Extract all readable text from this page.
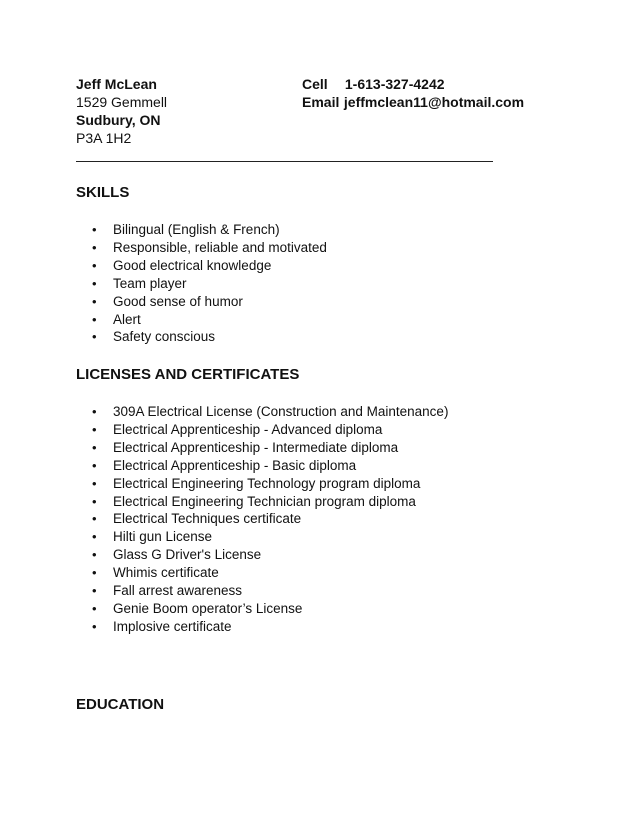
Jeff McLean
1529 Gemmell
Sudbury, ON
P3A 1H2
Cell 1-613-327-4242
Email jeffmclean11@hotmail.com
SKILLS
• Bilingual (English & French)
• Responsible, reliable and motivated
• Good electrical knowledge
• Team player
• Good sense of humor
• Alert
• Safety conscious
LICENSES AND CERTIFICATES
• 309A Electrical License (Construction and Maintenance)
• Electrical Apprenticeship - Advanced diploma
• Electrical Apprenticeship - Intermediate diploma
• Electrical Apprenticeship - Basic diploma
• Electrical Engineering Technology program diploma
• Electrical Engineering Technician program diploma
• Electrical Techniques certificate
• Hilti gun License
• Glass G Driver's License
• Whimis certificate
• Fall arrest awareness
• Genie Boom operator’s License
• Implosive certificate
EDUCATION
